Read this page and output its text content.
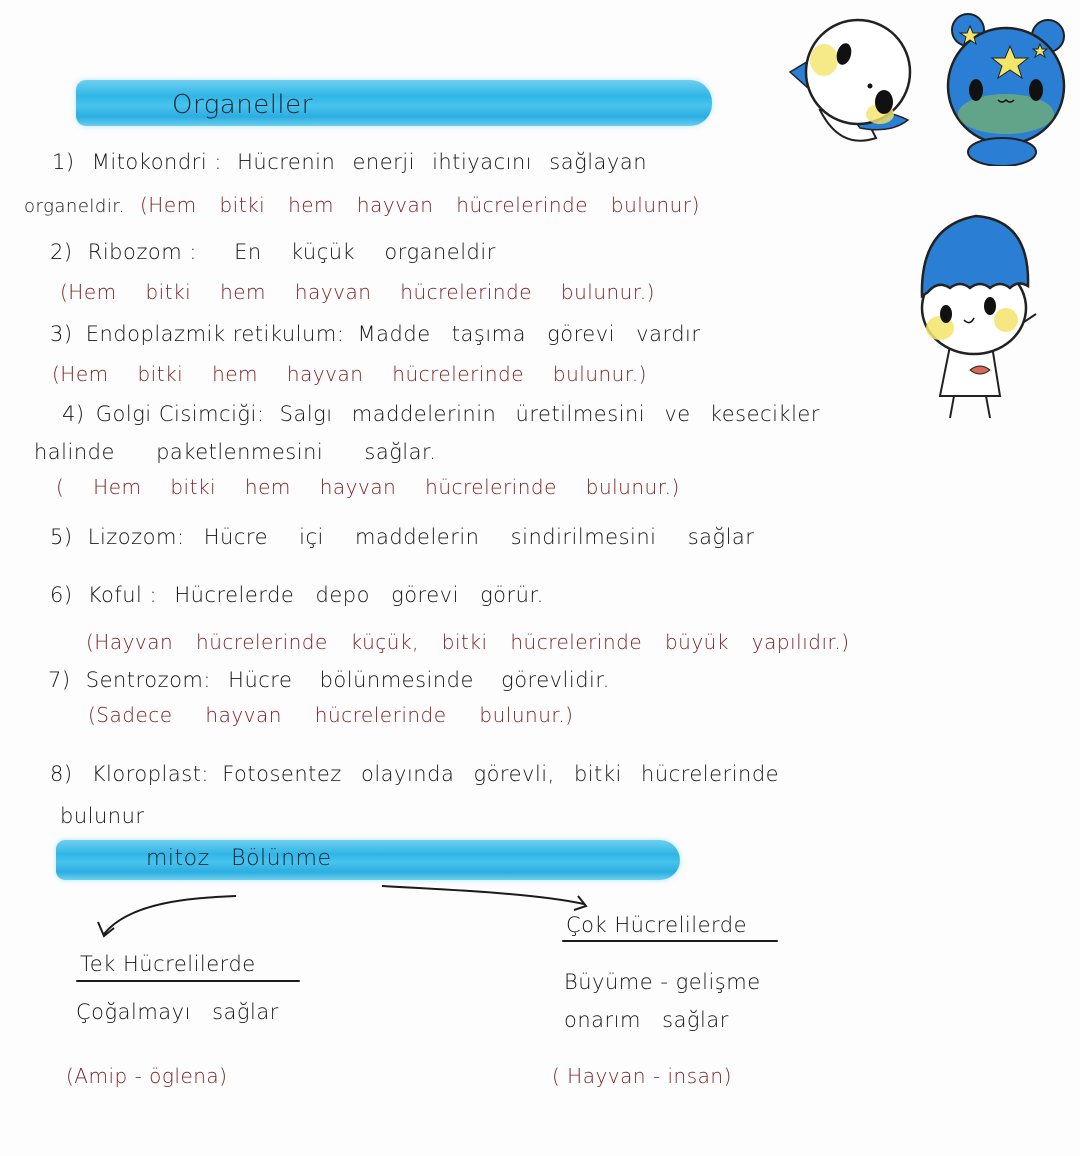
Organeller
1) Mitokondri : Hücrenin enerji ihtiyacını sağlayan
organeldir. (Hem bitki hem hayvan hücrelerinde bulunur)
2) Ribozom : En küçük organeldir
(Hem bitki hem hayvan hücrelerinde bulunur.)
3) Endoplazmik retikulum: Madde taşıma görevi vardır
(Hem bitki hem hayvan hücrelerinde bulunur.)
4) Golgi Cisimciği: Salgı maddelerinin üretilmesini ve kesecikler
halinde paketlenmesini sağlar.
( Hem bitki hem hayvan hücrelerinde bulunur.)
5) Lizozom: Hücre içi maddelerin sindirilmesini sağlar
6) Koful : Hücrelerde depo görevi görür.
(Hayvan hücrelerinde küçük, bitki hücrelerinde büyük yapılıdır.)
7) Sentrozom: Hücre bölünmesinde görevlidir.
(Sadece hayvan hücrelerinde bulunur.)
8) Kloroplast: Fotosentez olayında görevli, bitki hücrelerinde
bulunur
mitoz Bölünme
Tek Hücrelilerde
Çoğalmayı sağlar
(Amip - öglena)
Çok Hücrelilerde
Büyüme - gelişme
onarım sağlar
( Hayvan - insan)
